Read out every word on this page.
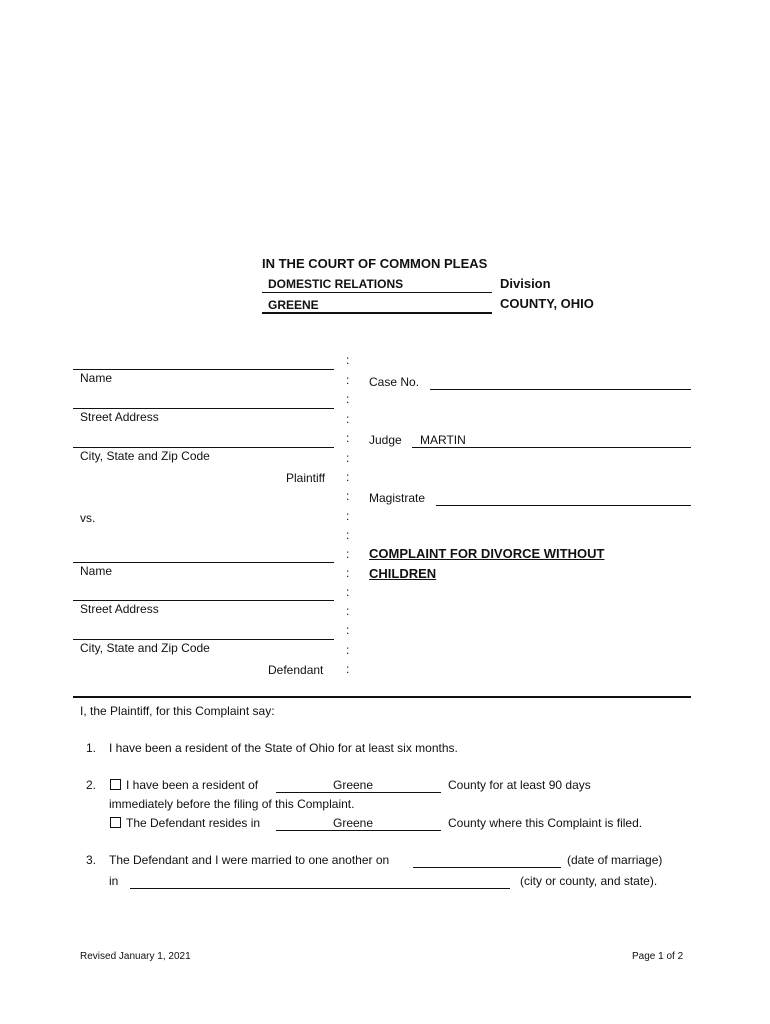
IN THE COURT OF COMMON PLEAS
DOMESTIC RELATIONS	Division
GREENE	COUNTY, OHIO
Name
Street Address
City, State and Zip Code
Plaintiff
vs.
Name
Street Address
City, State and Zip Code
Defendant
:
:
:
:
:
:
:
:
:
:
:
:
:
:
:
:
:
Case No.
Judge MARTIN
Magistrate
COMPLAINT FOR DIVORCE WITHOUT
CHILDREN
I, the Plaintiff, for this Complaint say:
1. I have been a resident of the State of Ohio for at least six months.
2. I have been a resident of	Greene	County for at least 90 days
immediately before the filing of this Complaint.
The Defendant resides in	Greene	County where this Complaint is filed.
3. The Defendant and I were married to one another on	(date of marriage)
in	(city or county, and state).
Revised January 1, 2021	Page 1 of 2
